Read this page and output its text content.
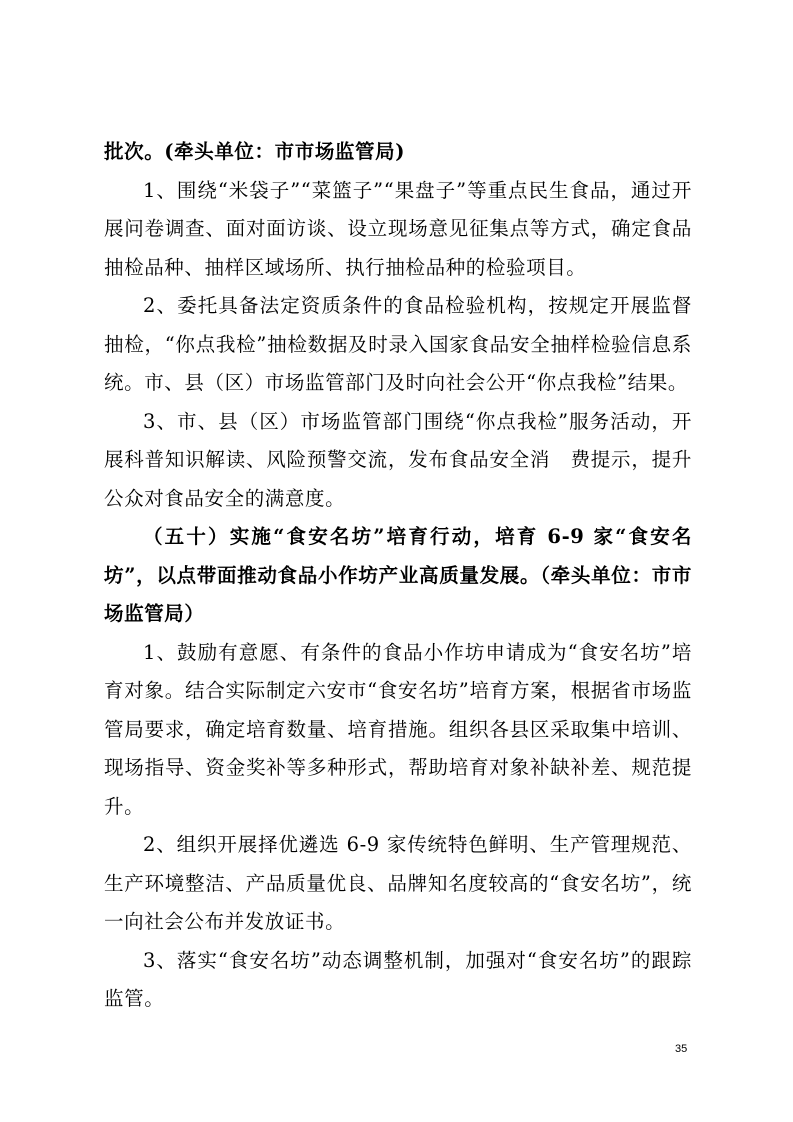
批次。(牵头单位：市市场监管局)

1、围绕“米袋子”“菜篮子”“果盘子”等重点民生食品，通过开展问卷调查、面对面访谈、设立现场意见征集点等方式，确定食品抽检品种、抽样区域场所、执行抽检品种的检验项目。

2、委托具备法定资质条件的食品检验机构，按规定开展监督抽检，“你点我检”抽检数据及时录入国家食品安全抽样检验信息系统。市、县（区）市场监管部门及时向社会公开“你点我检”结果。

3、市、县（区）市场监管部门围绕“你点我检”服务活动，开展科普知识解读、风险预警交流，发布食品安全消　费提示，提升公众对食品安全的满意度。

（五十）实施“食安名坊”培育行动，培育 6-9 家“食安名坊”，以点带面推动食品小作坊产业高质量发展。（牵头单位：市市场监管局）

1、鼓励有意愿、有条件的食品小作坊申请成为“食安名坊”培育对象。结合实际制定六安市“食安名坊”培育方案，根据省市场监管局要求，确定培育数量、培育措施。组织各县区采取集中培训、现场指导、资金奖补等多种形式，帮助培育对象补缺补差、规范提升。

2、组织开展择优遴选 6-9 家传统特色鲜明、生产管理规范、生产环境整洁、产品质量优良、品牌知名度较高的“食安名坊”，统一向社会公布并发放证书。

3、落实“食安名坊”动态调整机制，加强对“食安名坊”的跟踪监管。

35
